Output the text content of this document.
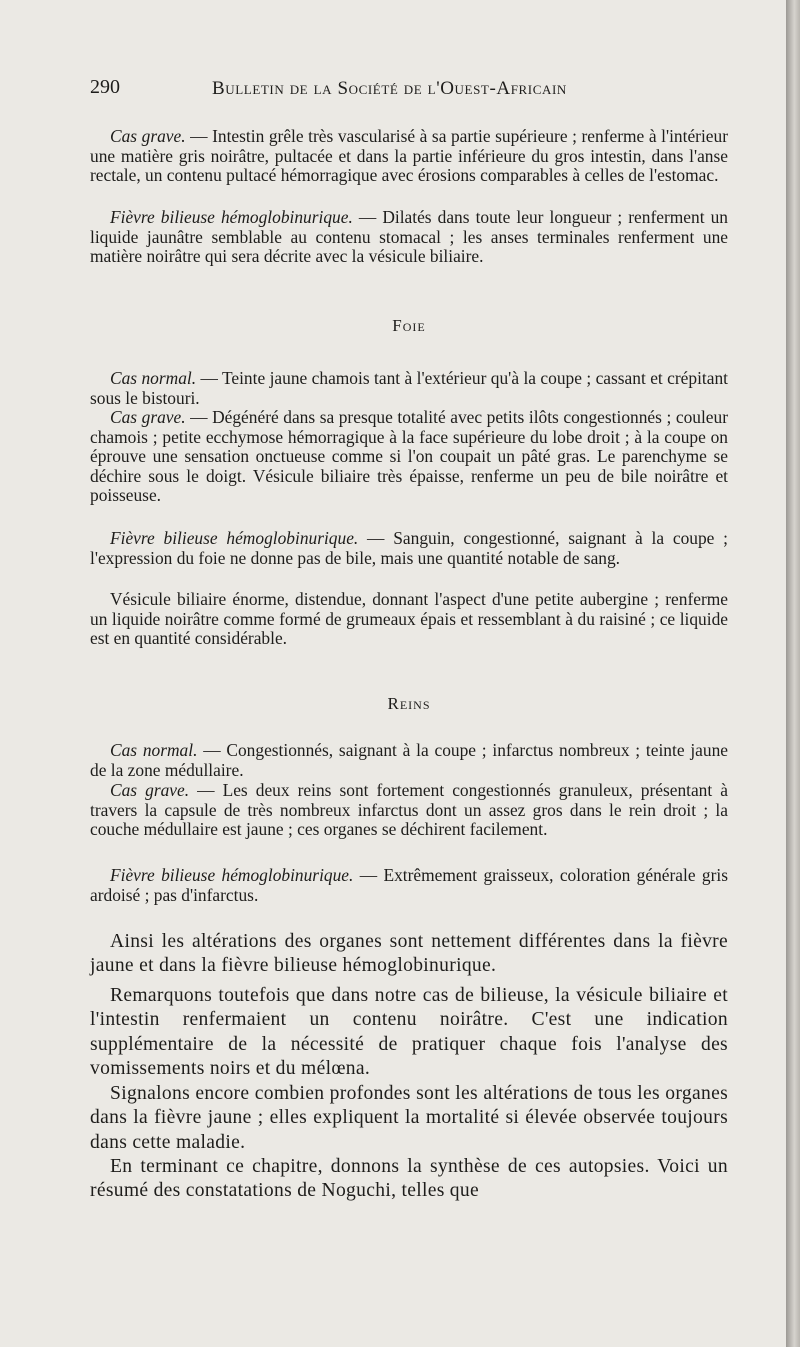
290	Bulletin de la Société de l'Ouest-Africain

Cas grave. — Intestin grêle très vascularisé à sa partie supérieure ; renferme à l'intérieur une matière gris noirâtre, pultacée et dans la partie inférieure du gros intestin, dans l'anse rectale, un contenu pultacé hémorragique avec érosions comparables à celles de l'estomac.

Fièvre bilieuse hémoglobinurique. — Dilatés dans toute leur longueur ; renferment un liquide jaunâtre semblable au contenu stomacal ; les anses terminales renferment une matière noirâtre qui sera décrite avec la vésicule biliaire.

Foie

Cas normal. — Teinte jaune chamois tant à l'extérieur qu'à la coupe ; cassant et crépitant sous le bistouri.

Cas grave. — Dégénéré dans sa presque totalité avec petits ilôts congestionnés ; couleur chamois ; petite ecchymose hémorragique à la face supérieure du lobe droit ; à la coupe on éprouve une sensation onctueuse comme si l'on coupait un pâté gras. Le parenchyme se déchire sous le doigt. Vésicule biliaire très épaisse, renferme un peu de bile noirâtre et poisseuse.

Fièvre bilieuse hémoglobinurique. — Sanguin, congestionné, saignant à la coupe ; l'expression du foie ne donne pas de bile, mais une quantité notable de sang.

Vésicule biliaire énorme, distendue, donnant l'aspect d'une petite aubergine ; renferme un liquide noirâtre comme formé de grumeaux épais et ressemblant à du raisiné ; ce liquide est en quantité considérable.

Reins

Cas normal. — Congestionnés, saignant à la coupe ; infarctus nombreux ; teinte jaune de la zone médullaire.

Cas grave. — Les deux reins sont fortement congestionnés granuleux, présentant à travers la capsule de très nombreux infarctus dont un assez gros dans le rein droit ; la couche médullaire est jaune ; ces organes se déchirent facilement.

Fièvre bilieuse hémoglobinurique. — Extrêmement graisseux, coloration générale gris ardoisé ; pas d'infarctus.

Ainsi les altérations des organes sont nettement différentes dans la fièvre jaune et dans la fièvre bilieuse hémoglobinurique.

Remarquons toutefois que dans notre cas de bilieuse, la vésicule biliaire et l'intestin renfermaient un contenu noirâtre. C'est une indication supplémentaire de la nécessité de pratiquer chaque fois l'analyse des vomissements noirs et du mélœna.

Signalons encore combien profondes sont les altérations de tous les organes dans la fièvre jaune ; elles expliquent la mortalité si élevée observée toujours dans cette maladie.

En terminant ce chapitre, donnons la synthèse de ces autopsies. Voici un résumé des constatations de Noguchi, telles que
